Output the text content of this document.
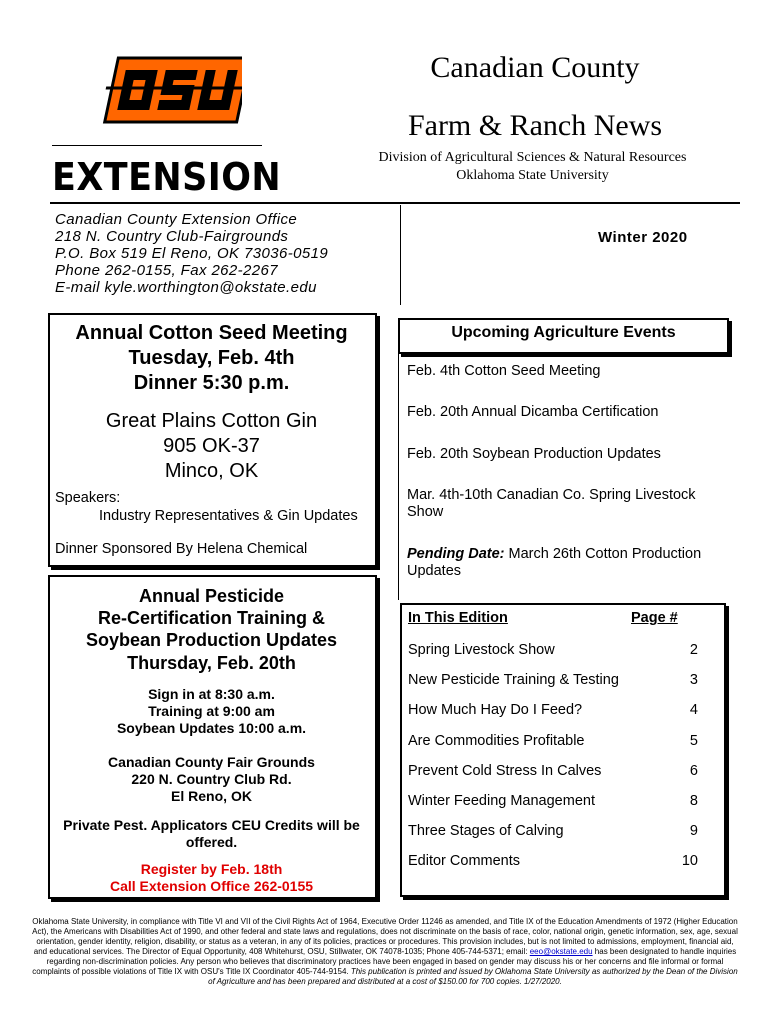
EXTENSION
Canadian County
Farm & Ranch News
Division of Agricultural Sciences & Natural Resources
Oklahoma State University
Canadian County Extension Office
218 N. Country Club-Fairgrounds
P.O. Box 519 El Reno, OK 73036-0519
Phone 262-0155, Fax 262-2267
E-mail kyle.worthington@okstate.edu
Winter 2020
Annual Cotton Seed Meeting
Tuesday, Feb. 4th
Dinner 5:30 p.m.
Great Plains Cotton Gin
905 OK-37
Minco, OK
Speakers:
Industry Representatives & Gin Updates
Dinner Sponsored By Helena Chemical
Annual Pesticide
Re-Certification Training &
Soybean Production Updates
Thursday, Feb. 20th
Sign in at 8:30 a.m.
Training at 9:00 am
Soybean Updates 10:00 a.m.
Canadian County Fair Grounds
220 N. Country Club Rd.
El Reno, OK
Private Pest. Applicators CEU Credits will be offered.
Register by Feb. 18th
Call Extension Office 262-0155
Upcoming Agriculture Events
Feb. 4th Cotton Seed Meeting
Feb. 20th Annual Dicamba Certification
Feb. 20th Soybean Production Updates
Mar. 4th-10th Canadian Co. Spring Livestock Show
Pending Date: March 26th Cotton Production Updates
In This Edition	Page #
Spring Livestock Show	2
New Pesticide Training & Testing	3
How Much Hay Do I Feed?	4
Are Commodities Profitable	5
Prevent Cold Stress In Calves	6
Winter Feeding Management	8
Three Stages of Calving	9
Editor Comments	10
Oklahoma State University, in compliance with Title VI and VII of the Civil Rights Act of 1964, Executive Order 11246 as amended, and Title IX of the Education Amendments of 1972 (Higher Education Act), the Americans with Disabilities Act of 1990, and other federal and state laws and regulations, does not discriminate on the basis of race, color, national origin, genetic information, sex, age, sexual orientation, gender identity, religion, disability, or status as a veteran, in any of its policies, practices or procedures. This provision includes, but is not limited to admissions, employment, financial aid, and educational services. The Director of Equal Opportunity, 408 Whitehurst, OSU, Stillwater, OK 74078-1035; Phone 405-744-5371; email: eeo@okstate.edu has been designated to handle inquiries regarding non-discrimination policies. Any person who believes that discriminatory practices have been engaged in based on gender may discuss his or her concerns and file informal or formal complaints of possible violations of Title IX with OSU's Title IX Coordinator 405-744-9154. This publication is printed and issued by Oklahoma State University as authorized by the Dean of the Division of Agriculture and has been prepared and distributed at a cost of $150.00 for 700 copies. 1/27/2020.
